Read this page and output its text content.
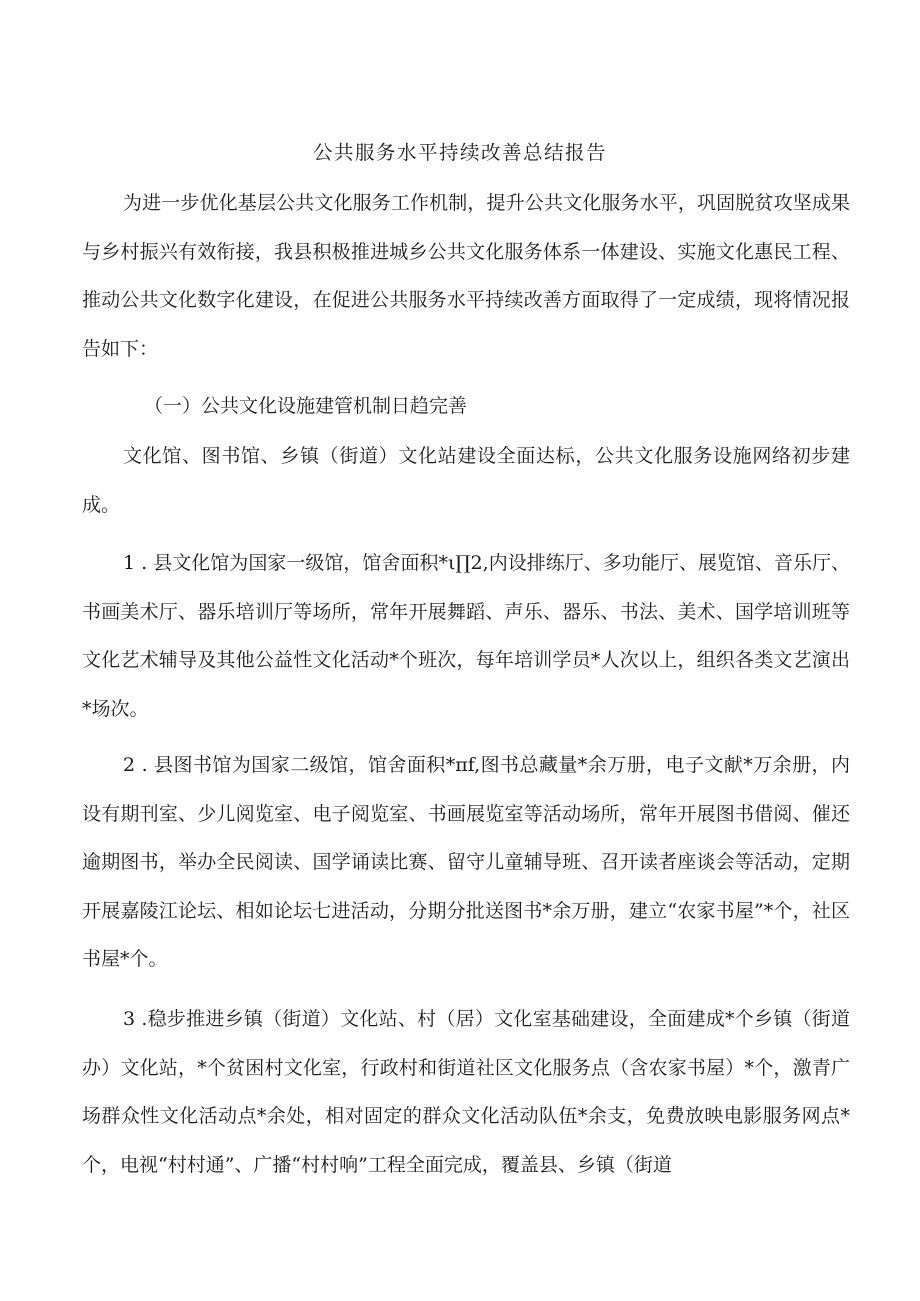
公共服务水平持续改善总结报告

为进一步优化基层公共文化服务工作机制，提升公共文化服务水平，巩固脱贫攻坚成果与乡村振兴有效衔接，我县积极推进城乡公共文化服务体系一体建设、实施文化惠民工程、推动公共文化数字化建设，在促进公共服务水平持续改善方面取得了一定成绩，现将情况报告如下：

（一）公共文化设施建管机制日趋完善

文化馆、图书馆、乡镇（街道）文化站建设全面达标，公共文化服务设施网络初步建成。

1 . 县文化馆为国家一级馆，馆舍面积*ι∏2,内设排练厅、多功能厅、展览馆、音乐厅、书画美术厅、器乐培训厅等场所，常年开展舞蹈、声乐、器乐、书法、美术、国学培训班等文化艺术辅导及其他公益性文化活动*个班次，每年培训学员*人次以上，组织各类文艺演出*场次。

2 . 县图书馆为国家二级馆，馆舍面积*πf,图书总藏量*余万册，电子文献*万余册，内设有期刊室、少儿阅览室、电子阅览室、书画展览室等活动场所，常年开展图书借阅、催还逾期图书，举办全民阅读、国学诵读比赛、留守儿童辅导班、召开读者座谈会等活动，定期开展嘉陵江论坛、相如论坛七进活动，分期分批送图书*余万册，建立“农家书屋”*个，社区书屋*个。

3 .稳步推进乡镇（街道）文化站、村（居）文化室基础建设，全面建成*个乡镇（街道办）文化站，*个贫困村文化室，行政村和街道社区文化服务点（含农家书屋）*个，激青广场群众性文化活动点*余处，相对固定的群众文化活动队伍*余支，免费放映电影服务网点*个，电视“村村通”、广播“村村响”工程全面完成，覆盖县、乡镇（街道
